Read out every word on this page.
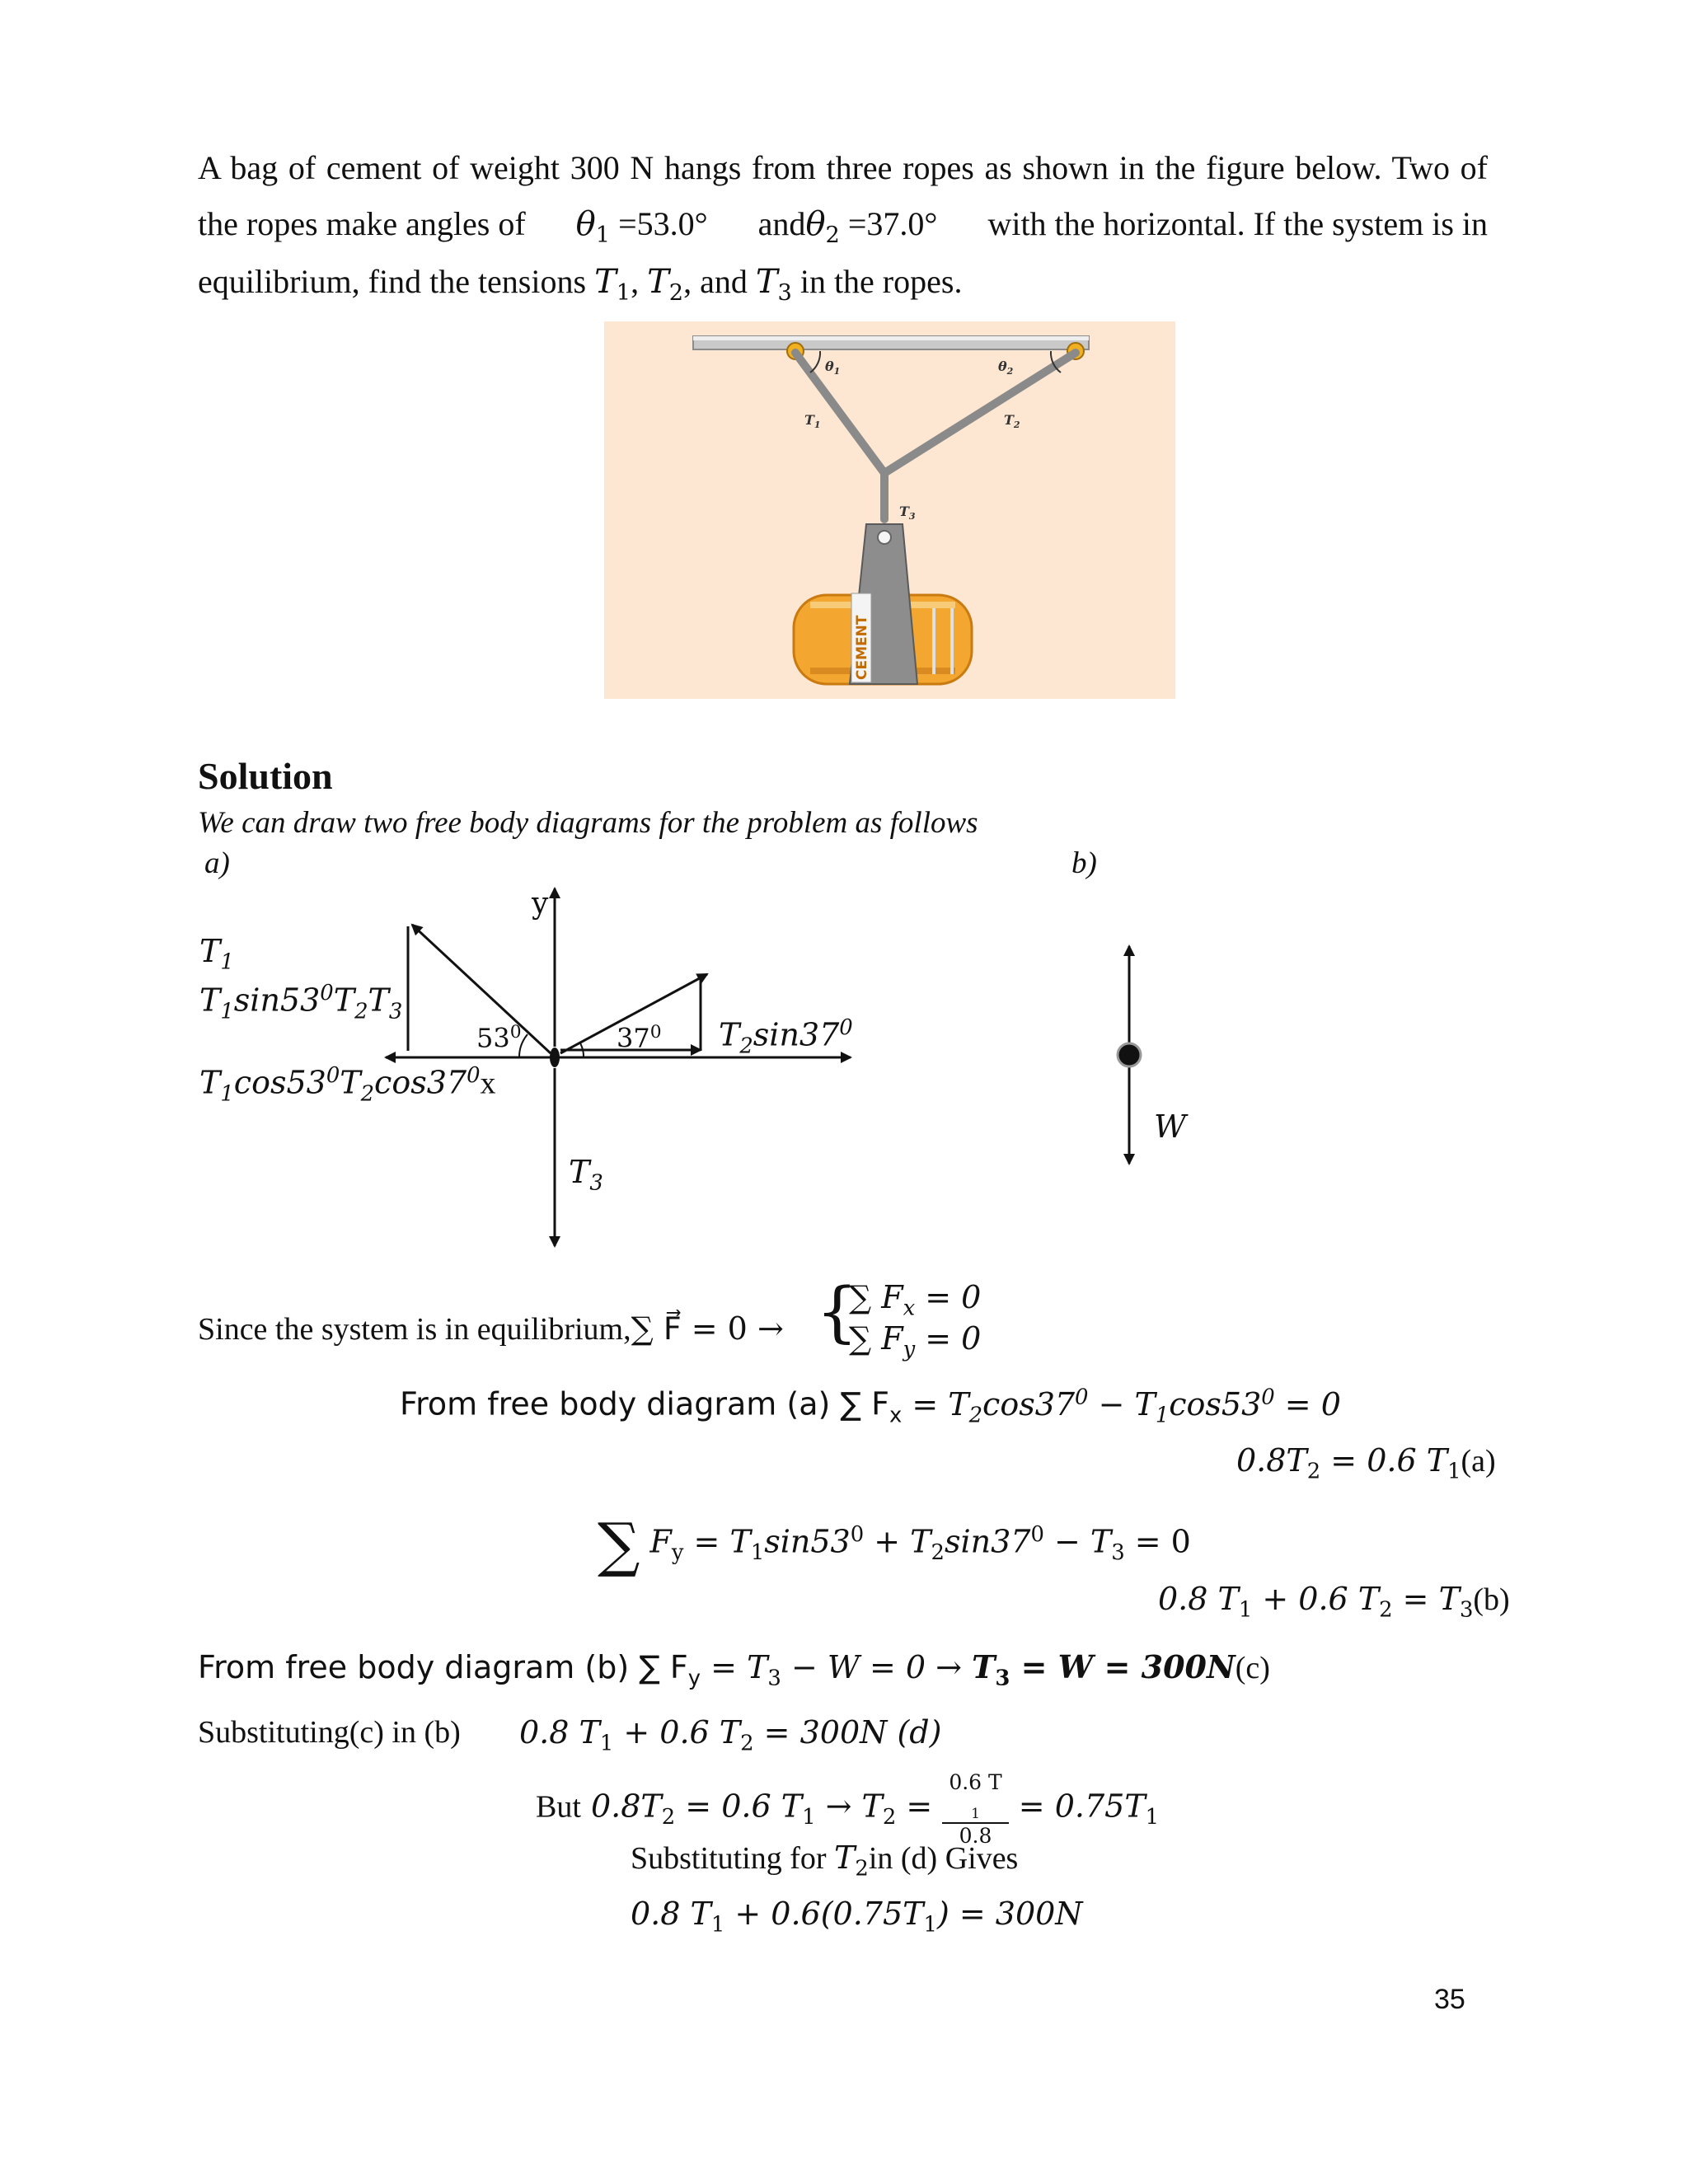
A bag of cement of weight 300 N hangs from three ropes as shown in the figure below. Two of
the ropes make angles of $\theta_1 =53.0^\circ$ andθ$_2$ =37.0° with the horizontal. If the system is in
equilibrium, find the tensions $T_1$, $T_2$, and $T_3$ in the ropes.
$\theta_1$	$\theta_2$
$T_1$	$T_2$
$T_3$
CEMENT
Solution
We can draw two free body diagrams for the problem as follows
a)	b)
y
$T_1$
$T_1\sin 53^0T_2T_3$
$53^0$	$37^0$ $T_2\sin 37^0$
$T_1\cos 53^0T_2\cos 37^0x$
$T_3$
W
Since the system is in equilibrium,∑ F⃗ = 0 → {
∑ $F_x = 0$
∑ $F_y = 0$
From free body diagram (a) ∑ $F_x = T_2\cos 37^0 - T_1\cos 53^0 = 0$
$0.8T_2 = 0.6$ $T_1(a)$
∑ $F_y = T_1\sin 53^0 + T_2\sin 37^0 - T_3 = 0$
0.8 $T_1 + 0.6$ $T_2 = T_3(b)$
From free body diagram (b) ∑ $F_y = T_3 - W = 0 \to T_3 = W = 300N(c)$
Substituting(c) in (b) 0.8 $T_1 + 0.6$ $T_2 = 300N$ (d)
But $0.8T_2 = 0.6$ $T_1 \to T_2 = 0.6$ T
$_1$
$0.8 = 0.75T_1$
Substituting for $T_2in$ (d) Gives
0.8 $T_1 + 0.6(0.75T_1) = 300N$
35
